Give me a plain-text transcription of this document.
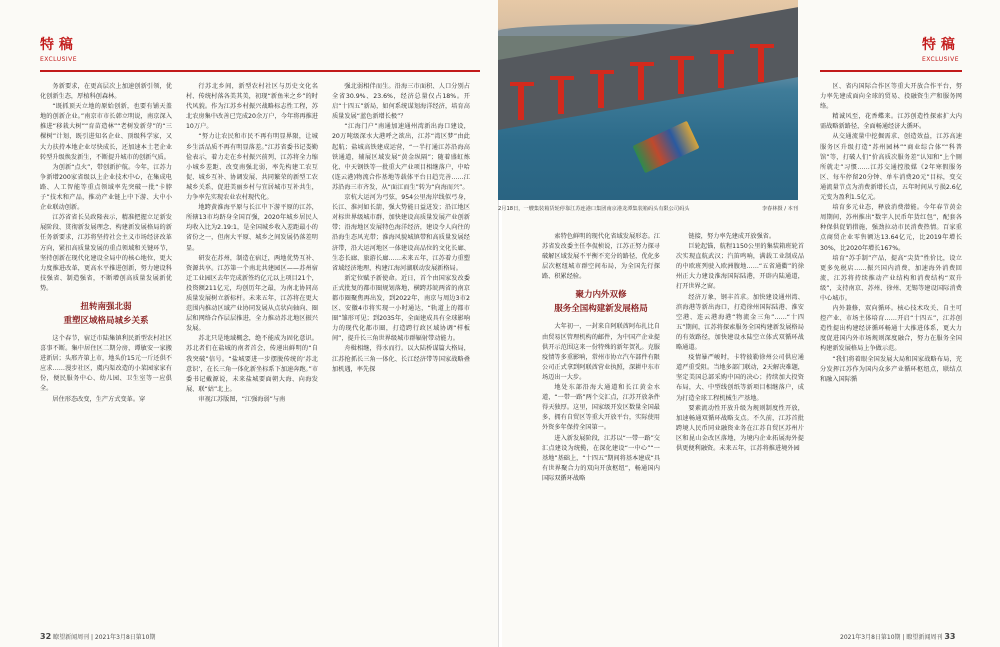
特 稿
EXCLUSIVE

务新要求，在更高层次上加速创新引领，优化创新生态，厚植科创森林。

“既抓顶天立地的原始创新，也要有铺天盖地的创新企业。”南京市市长韩立明说，南京深入推进“移栽大树”“育苗造林”“老树发新芽”的“三棵树”计划，既引进知名企业、顶级科学家，又大力扶持本地企业尽快成长，还加速本土老企业转型升级焕发新生，不断提升城市的创新气质。

为创新“点火”，带创新护航。今年，江苏力争新增200家省级以上企业技术中心，在集成电路、人工智能等重点领域率先突破一批“卡脖子”技术和产品，推动产业链上中下游、大中小企业联动创新。

江苏省省长吴政隆表示，精准把握立足新发展阶段、贯彻新发展理念、构建新发展格局的新任务新要求，江苏将坚持社会主义市场经济改革方向，紧扣高质量发展的重点领域和关键环节，坚持创新在现代化建设全局中的核心地位，更大力度推进改革，更高水平推进创新，努力建设科技强省、制造强省，不断增创高质量发展新优势。

扭转南强北弱
重塑区域格局城乡关系

这个春节，宿迁市陆集镇利民新型农村社区喜事不断。集中居住区二期分房，谭敏安一家搬进新居；头邢卉第上市，地头价15元一斤还供不应求……漫步社区，虞内渠改造的小菜园家家有份，便民服务中心、幼儿园、卫生室等一应俱全。

居住形态改变，生产方式变革。穿

行苏北乡间，新型农村社区与历史文化名村、传统村落各美其美，初现“新鱼米之乡”的时代风貌。作为江苏乡村振兴战略标志性工程，苏北农房集中改善已完成20余万户，今年将再推进10万户。

“努力让农民和市民不再有明显界限，让城乡生活品质不再有明显落差。”江苏省委书记娄勤俭表示，着力走在乡村振兴前列，江苏将全力缩小城乡差距、改变南强北弱，率先构建工农互促、城乡互补、协调发展、共同繁荣的新型工农城乡关系，促进美丽乡村与宜居城市互补共生，力争率先实现农业农村现代化。

地跨黄淮海平原与长江中下游平原的江苏，所辖13市均跻身全国百强，2020年城乡居民人均收入比为2.19:1，是全国城乡收入差距最小的省份之一，但南大平原、城乡之间发展仍落差明显。

研发在苏州，制造在宿迁，两地优势互补、资源共享。江苏第一个南北共建园区——苏州宿迁工业园区去年完成新签约亿元以上项目21个，投资额211亿元，均创历年之最，为南北协同高质量发展树立新标杆。未来五年，江苏将在更大范围内推动区域产业协同发展从点状向轴向、圈层和网络合作层层推进，全力推动苏北地区振兴发展。

苏北只是地域概念，绝不能成为固化意识。苏北者们在盐城的南者首会，传递出鲜明的“自我突破”信号。“盐城要进一步摆脱传统的‘苏北意识’，在长三角一体化新坐标系下加速奔跑。”市委书记戴源说，未来盐城要面朝大海、向海发展、联“姑”北上。

审视江苏版图，“江强海弱”与南

强北弱相伴而生。沿海三市面积、人口分别占全省30.9%、23.6%，经济总量仅占18%。开启“十四五”新局，如何系统谋划海洋经济，培育高质量发展“蓝色新增长极”？

“江海门户”南通加速通州湾新出海口建设，20万吨级深水大港呼之欲出，江苏“湾区梦”由此起航；盐城高铁建成运营，“一半打通江苏沿海高铁通道，辅展区域发展“黄金纵隔”；随着盛虹炼化、中天钢铁等一批重大产业项目相继落户，中哈(连云港)物流合作基地等载体平台日趋完善……江苏沿海三市齐发，从“面江而生”转为“向海而兴”。

京杭大运河为弓弦，954公里海岸线似弓身，长江、淮河如长箭，强大势能日益迸发；沿江地区对标世界级城市群，加快建设高质量发展产业创新带；沿海地区发展特色海洋经济，建设令人向往的沿海生态风光带；淮海风貌城镇带和高质量发展经济带，沿大运河地区一体建设高品位的文化长廊、生态长廊、旅游长廊……未来五年，江苏着力重塑省域经济地理，构建江海河湖联动发展新格局。

新定位赋予新使命。近日，首个由国家发改委正式批复的都市圈规划落地，横跨苏皖两省的南京都市圈聚焦再出发，到2022年，南京与周边3市2区、安徽4市将实现一小时通达，“轨道上的都市圈”雏形可见；到2035年，全面建成具有全球影响力的现代化都市圈，打造跨行政区域协调“样板间”，提升长三角世界级城市群辐射带动能力。

舟楫相继，得水而行。以大陆桥谋篇大格局，江苏抢抓长三角一体化、长江经济带等国家战略叠加机遇，率先探

32 瞭望新闻周刊 | 2021年3月8日第10期
2月18日，一艘集装箱货轮停靠江苏连港口集团南京港龙潭集装箱码头有限公司码头	李春林摄 / 本刊
特 稿
EXCLUSIVE

索特色鲜明的现代化省域发展形态。江苏省发改委主任李侃桢说，江苏正努力探寻破解区域发展不平衡不充分的路径，优化多层次枢纽城市群空间布局，为全国先行探路、积累经验。

聚力内外双修
服务全国构建新发展格局

大年初一，一封来自阿联酋阿布扎比自由贸易区管理机构的邮件，为中国产企业提供开示范围这来一份特殊的新年贺礼。克服疫情等多重影响，常州市协立汽车部件有限公司正式拿到阿联酋营业执照，深耕中东市场迈出一大步。

地处东部沿海大通道和长江黄金水道，“一带一路”两个交汇点，江苏开放条件得天独厚。这里，国家级开发区数量全国最多，拥有自贸区等重大开放平台，实际使用外资多年保持全国第一。

进入新发展阶段，江苏以“一带一路”交汇点建设为统揽，在深化建设“一中心”“一基地”基础上，“十四五”期间将基本建成“具有世界聚合力的双向开放枢纽”，畅通国内国际双循环战略

链接，努力率先建成开放强省。

巨轮起锚，航程1150公里的集装箱班轮首次实现直航武汉；汽笛鸣响，满载工业制成品的中欧班列驶入欧洲腹地……“五省通衢”的徐州正大力建设淮海国际陆港，开辟内陆通道，打开世界之窗。

经济万象，钢丰首求。加快建设通州湾、滨海港等新出海口，打造徐州国际陆港、淮安空港、连云港海港“物流金三角”……“十四五”期间，江苏将探索服务全国构建新发展格局的有效路径，加快建设永陆空立体式双循环战略通道。

疫情暴严峻时，卡特彼勒徐州公司供应通道严重受阻。当地多部门联动，2天解决难题，坚定美国总部采购中国的决心；持续加大投资布局，大、中型线创纸等新项目相继落户，成为打造全球工程机械生产基地。

要素流动性开放升级为规则制度性开放，加速畅通双循环战略支点。不久前，江苏首批跨境人民币同业融资业务在江苏自贸区苏州片区和昆山金改区落地，为境内企业拓展海外提供更便利融资。未来五年，江苏将推进境外园

区、省内国际合作区等重大开放合作平台，努力率先建成面向全球的贸易、投融资生产和服务网络。

精诚风至，花香蝶来。江苏创造性探索扩大内需战略新路径，全面畅通经济大循环。

从交通流量中挖掘需求、创造效益，江苏高速服务区升级打造“苏州园林”“商业综合体”“科普馆”等，打破人们“价高质次服务差”认知和“上个厕所就走”习惯……江苏交通控股媒《2年寒假服务区、每车停留20分钟、单车消费20元”目标，变交通流量节点为消费新增长点，五年时间从亏损2.6亿元变为盈利1.5亿元。

培育多元业态，释放消费潜能。今年春节黄金周期间，苏州推出“数字人民币年货红包”，配套各种保供促销措施，强劲拉动市民消费热情。百家重点商贸企业零售额达13.64亿元，比2019年增长30%，比2020年增长167%。

培育“苏手制”产品，提高“尖货”性价比，设立更多免税店……振兴国内消费，加速海外消费回流，江苏将持续推动产业结构和消费结构“双升级”，支持南京、苏州、徐州、无锡等建设国际消费中心城市。

内外兼修，双向循环。核心技术攻关、自主可控产业、市场主体培育……开启“十四五”，江苏创造性提出构建经济循环畅通十大推进体系，更大力度促进国内外市场规则深度融合，努力在服务全国构建新发展格局上争做示范。

“我们将着眼全国发展大局和国家战略布局，充分发挥江苏作为国内众多产业循环枢纽点，联结点和融入国际循

2021年3月8日第10期 | 瞭望新闻周刊 33
